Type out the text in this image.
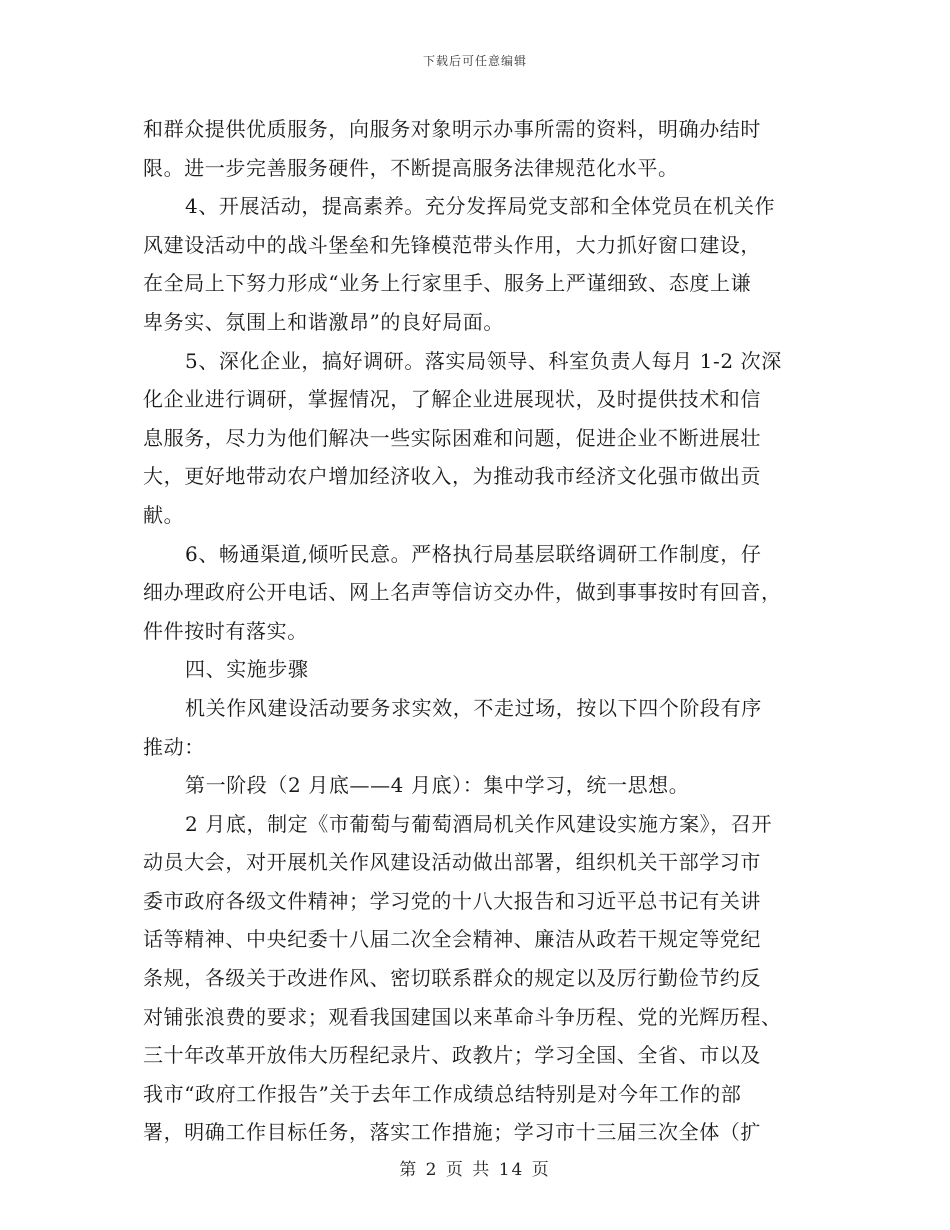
下载后可任意编辑
和群众提供优质服务，向服务对象明示办事所需的资料，明确办结时
限。进一步完善服务硬件，不断提高服务法律规范化水平。
4、开展活动，提高素养。充分发挥局党支部和全体党员在机关作
风建设活动中的战斗堡垒和先锋模范带头作用，大力抓好窗口建设，
在全局上下努力形成“业务上行家里手、服务上严谨细致、态度上谦
卑务实、氛围上和谐激昂”的良好局面。
5、深化企业，搞好调研。落实局领导、科室负责人每月 1-2 次深
化企业进行调研，掌握情况，了解企业进展现状，及时提供技术和信
息服务，尽力为他们解决一些实际困难和问题，促进企业不断进展壮
大，更好地带动农户增加经济收入，为推动我市经济文化强市做出贡
献。
6、畅通渠道,倾听民意。严格执行局基层联络调研工作制度，仔
细办理政府公开电话、网上名声等信访交办件，做到事事按时有回音，
件件按时有落实。
四、实施步骤
机关作风建设活动要务求实效，不走过场，按以下四个阶段有序
推动：
第一阶段（2 月底——4 月底）：集中学习，统一思想。
2 月底，制定《市葡萄与葡萄酒局机关作风建设实施方案》，召开
动员大会，对开展机关作风建设活动做出部署，组织机关干部学习市
委市政府各级文件精神；学习党的十八大报告和习近平总书记有关讲
话等精神、中央纪委十八届二次全会精神、廉洁从政若干规定等党纪
条规，各级关于改进作风、密切联系群众的规定以及厉行勤俭节约反
对铺张浪费的要求；观看我国建国以来革命斗争历程、党的光辉历程、
三十年改革开放伟大历程纪录片、政教片；学习全国、全省、市以及
我市“政府工作报告”关于去年工作成绩总结特别是对今年工作的部
署，明确工作目标任务，落实工作措施；学习市十三届三次全体（扩
第 2 页 共 14 页
